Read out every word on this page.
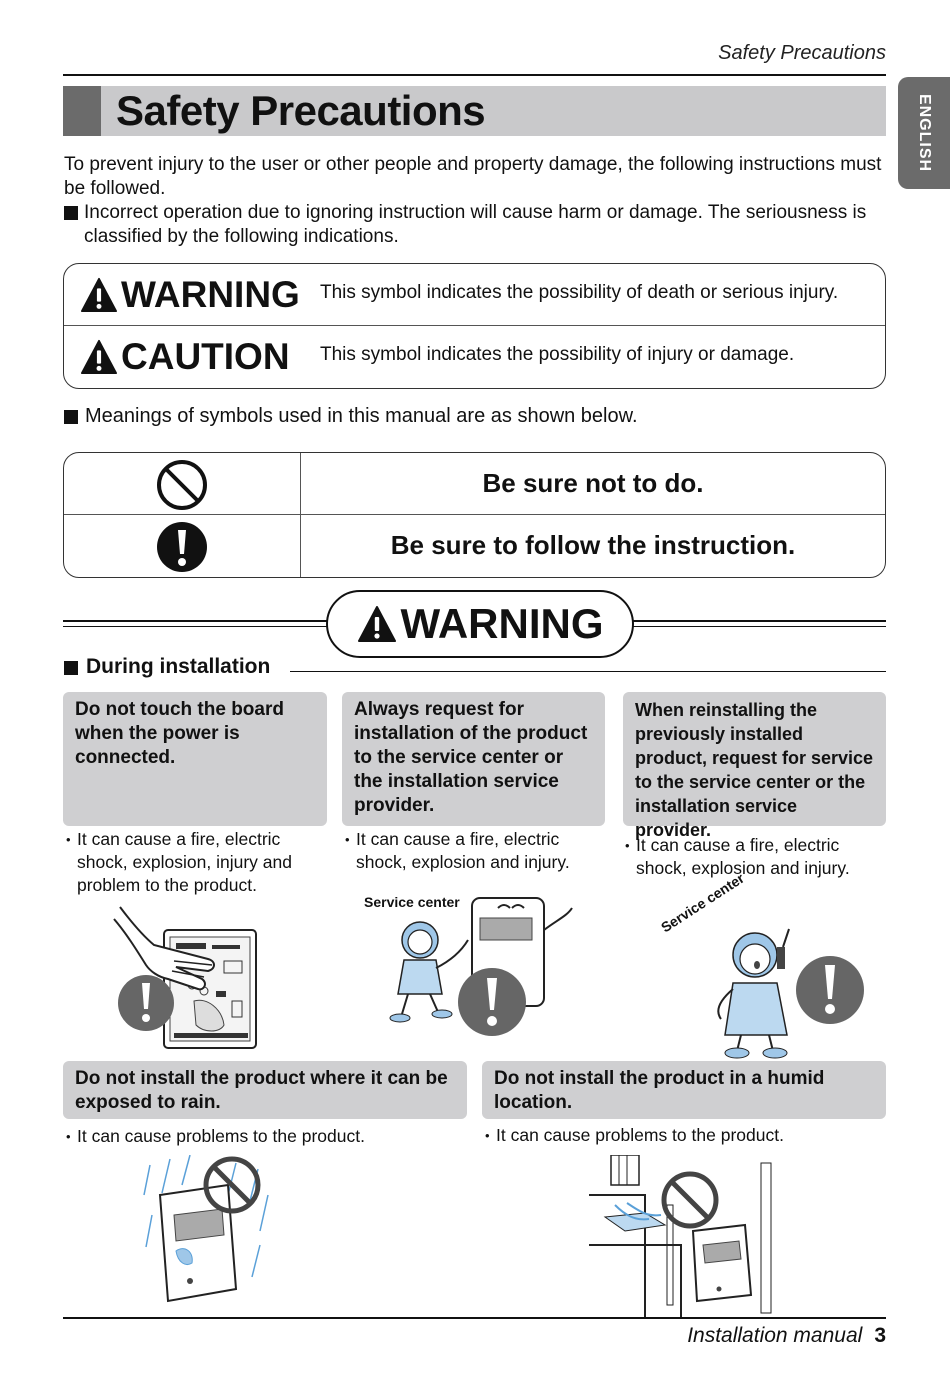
Safety Precautions
ENGLISH
Safety Precautions

To prevent injury to the user or other people and property damage, the following instructions must be followed.

Incorrect operation due to ignoring instruction will cause harm or damage. The seriousness is classified by the following indications.

WARNING This symbol indicates the possibility of death or serious injury.
CAUTION This symbol indicates the possibility of injury or damage.
Meanings of symbols used in this manual are as shown below.
Be sure not to do.
Be sure to follow the instruction.
WARNING
During installation
Do not touch the board when the power is connected.
Always request for installation of the product to the service center or the installation service provider.
When reinstalling the previously installed product, request for service to the service center or the installation service provider.
• It can cause a fire, electric shock, explosion, injury and problem to the product.
• It can cause a fire, electric shock, explosion and injury.
• It can cause a fire, electric shock, explosion and injury.
Service center	Service center
Do not install the product where it can be exposed to rain.
Do not install the product in a humid location.
• It can cause problems to the product.
•	It can cause problems to the product.
Installation manual 3
